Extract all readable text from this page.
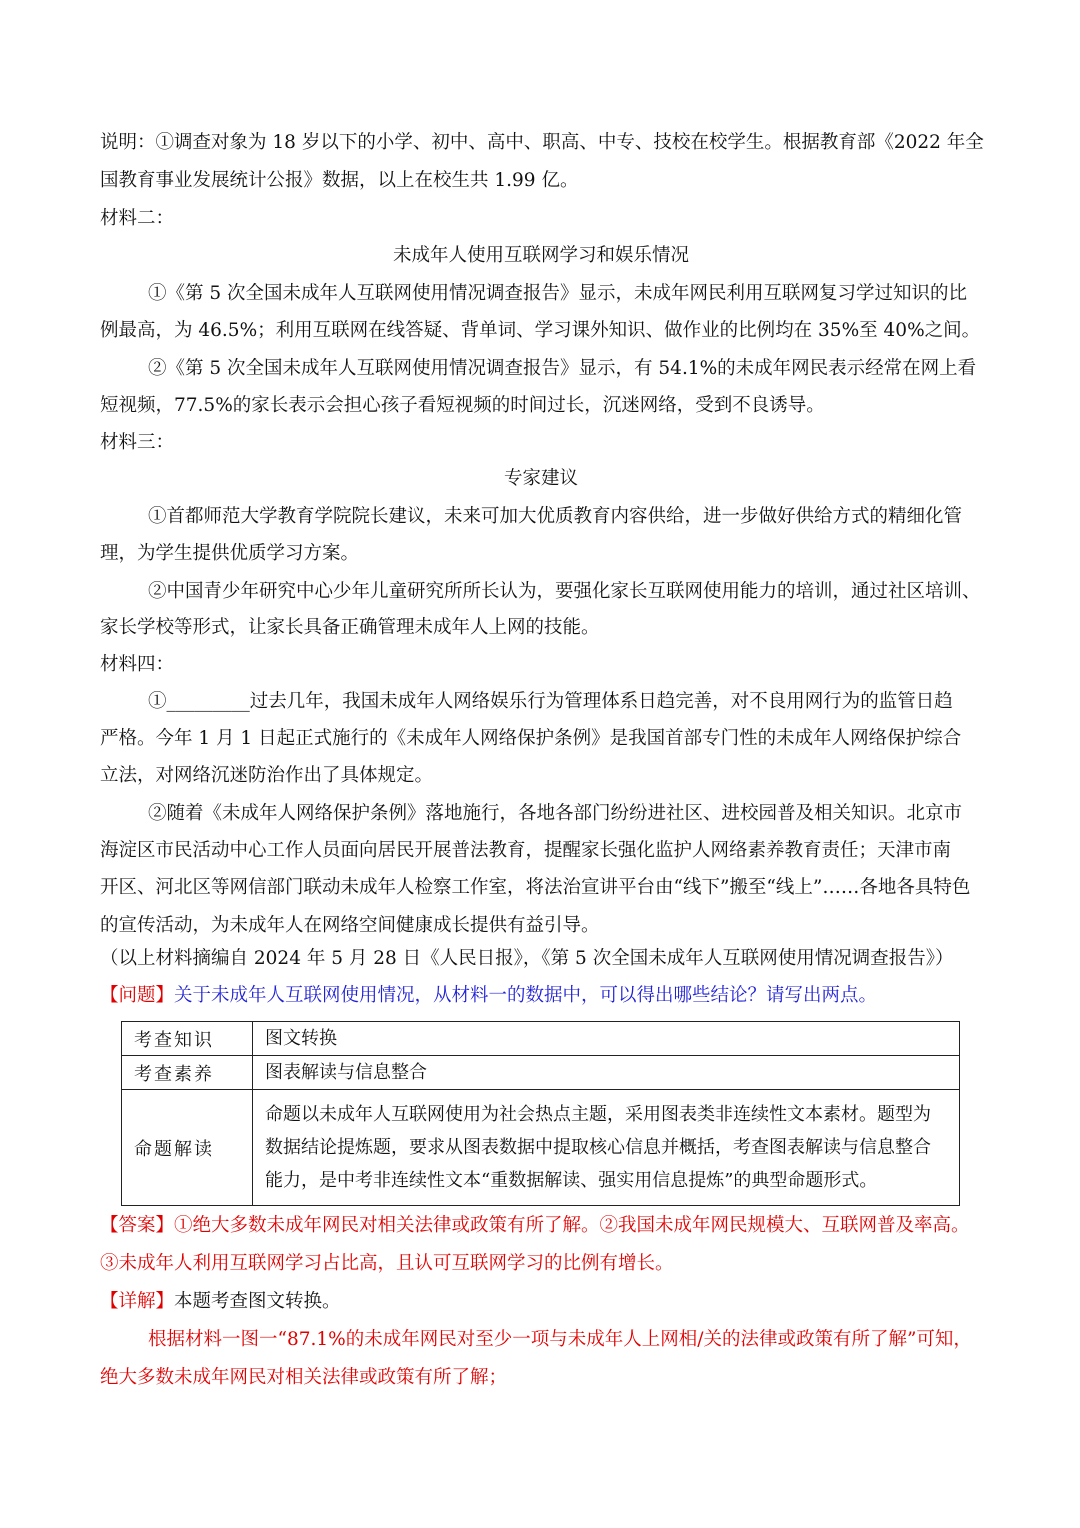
说明：①调查对象为 18 岁以下的小学、初中、高中、职高、中专、技校在校学生。根据教育部《2022 年全
国教育事业发展统计公报》数据，以上在校生共 1.99 亿。
材料二：
未成年人使用互联网学习和娱乐情况
①《第 5 次全国未成年人互联网使用情况调查报告》显示，未成年网民利用互联网复习学过知识的比
例最高，为 46.5%；利用互联网在线答疑、背单词、学习课外知识、做作业的比例均在 35%至 40%之间。
②《第 5 次全国未成年人互联网使用情况调查报告》显示，有 54.1%的未成年网民表示经常在网上看
短视频，77.5%的家长表示会担心孩子看短视频的时间过长，沉迷网络，受到不良诱导。
材料三：
专家建议
①首都师范大学教育学院院长建议，未来可加大优质教育内容供给，进一步做好供给方式的精细化管
理，为学生提供优质学习方案。
②中国青少年研究中心少年儿童研究所所长认为，要强化家长互联网使用能力的培训，通过社区培训、
家长学校等形式，让家长具备正确管理未成年人上网的技能。
材料四：
①_________过去几年，我国未成年人网络娱乐行为管理体系日趋完善，对不良用网行为的监管日趋
严格。今年 1 月 1 日起正式施行的《未成年人网络保护条例》是我国首部专门性的未成年人网络保护综合
立法，对网络沉迷防治作出了具体规定。
②随着《未成年人网络保护条例》落地施行，各地各部门纷纷进社区、进校园普及相关知识。北京市
海淀区市民活动中心工作人员面向居民开展普法教育，提醒家长强化监护人网络素养教育责任；天津市南
开区、河北区等网信部门联动未成年人检察工作室，将法治宣讲平台由“线下”搬至“线上”……各地各具特色
的宣传活动，为未成年人在网络空间健康成长提供有益引导。
（以上材料摘编自 2024 年 5 月 28 日《人民日报》，《第 5 次全国未成年人互联网使用情况调查报告》）
【问题】关于未成年人互联网使用情况，从材料一的数据中，可以得出哪些结论？请写出两点。
考查知识	图文转换
考查素养	图表解读与信息整合
命题解读	命题以未成年人互联网使用为社会热点主题，采用图表类非连续性文本素材。题型为
数据结论提炼题，要求从图表数据中提取核心信息并概括，考查图表解读与信息整合
能力，是中考非连续性文本“重数据解读、强实用信息提炼”的典型命题形式。
【答案】①绝大多数未成年网民对相关法律或政策有所了解。②我国未成年网民规模大、互联网普及率高。
③未成年人利用互联网学习占比高，且认可互联网学习的比例有增长。
【详解】本题考查图文转换。
根据材料一图一“87.1%的未成年网民对至少一项与未成年人上网相/关的法律或政策有所了解”可知，
绝大多数未成年网民对相关法律或政策有所了解；
